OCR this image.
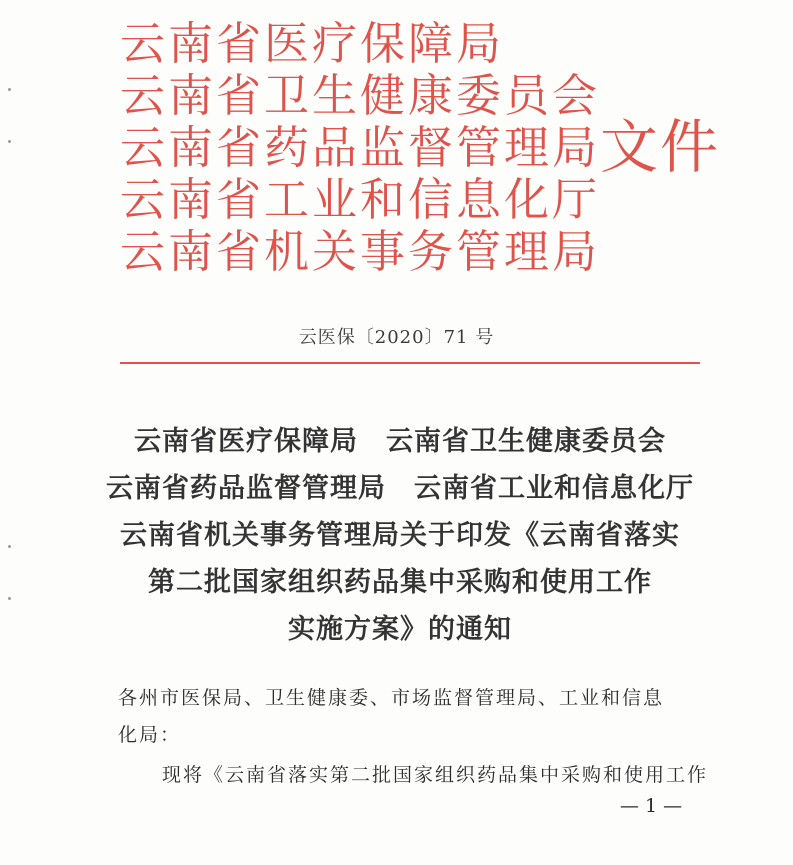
云南省医疗保障局
云南省卫生健康委员会
云南省药品监督管理局
云南省工业和信息化厅
云南省机关事务管理局
文件
云医保〔2020〕71 号
云南省医疗保障局　云南省卫生健康委员会
云南省药品监督管理局　云南省工业和信息化厅
云南省机关事务管理局关于印发《云南省落实
第二批国家组织药品集中采购和使用工作
实施方案》的通知
各州市医保局、卫生健康委、市场监督管理局、工业和信息
化局：
现将《云南省落实第二批国家组织药品集中采购和使用工作
— 1 —
